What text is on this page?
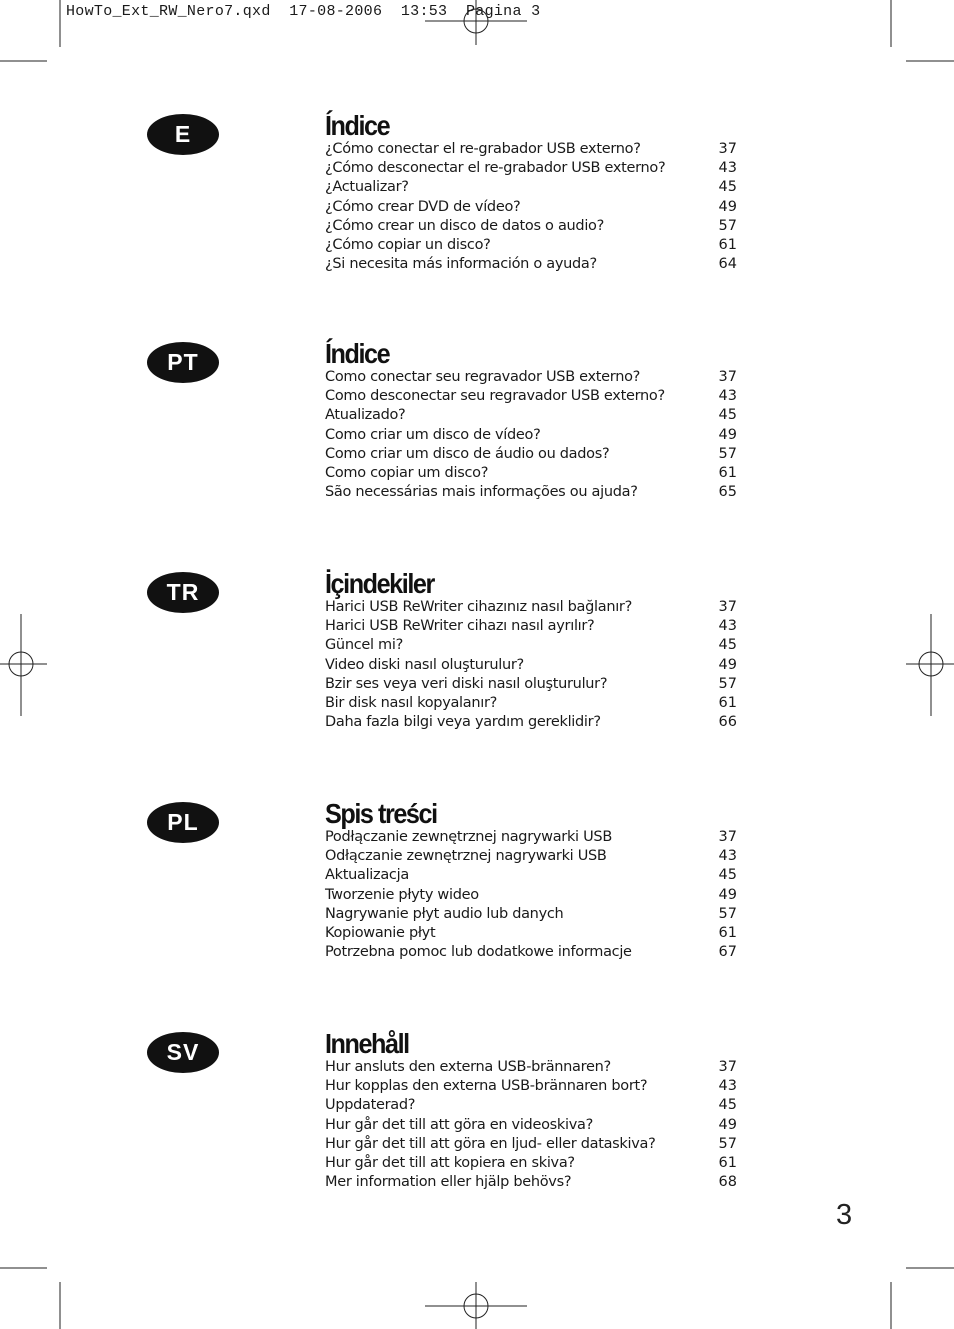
HowTo_Ext_RW_Nero7.qxd  17-08-2006  13:53  Pagina 3
E	Índice
¿Cómo conectar el re-grabador USB externo?	37
¿Cómo desconectar el re-grabador USB externo?	43
¿Actualizar?	45
¿Cómo crear DVD de vídeo?	49
¿Cómo crear un disco de datos o audio?	57
¿Cómo copiar un disco?	61
¿Si necesita más información o ayuda?	64
PT	Índice
Como conectar seu regravador USB externo?	37
Como desconectar seu regravador USB externo?	43
Atualizado?	45
Como criar um disco de vídeo?	49
Como criar um disco de áudio ou dados?	57
Como copiar um disco?	61
São necessárias mais informações ou ajuda?	65
TR	İçindekiler
Harici USB ReWriter cihazınız nasıl bağlanır?	37
Harici USB ReWriter cihazı nasıl ayrılır?	43
Güncel mi?	45
Video diski nasıl oluşturulur?	49
Bzir ses veya veri diski nasıl oluşturulur?	57
Bir disk nasıl kopyalanır?	61
Daha fazla bilgi veya yardım gereklidir?	66
PL	Spis treści
Podłączanie zewnętrznej nagrywarki USB	37
Odłączanie zewnętrznej nagrywarki USB	43
Aktualizacja	45
Tworzenie płyty wideo	49
Nagrywanie płyt audio lub danych	57
Kopiowanie płyt	61
Potrzebna pomoc lub dodatkowe informacje	67
SV	Innehåll
Hur ansluts den externa USB-brännaren?	37
Hur kopplas den externa USB-brännaren bort?	43
Uppdaterad?	45
Hur går det till att göra en videoskiva?	49
Hur går det till att göra en ljud- eller dataskiva?	57
Hur går det till att kopiera en skiva?	61
Mer information eller hjälp behövs?	68
3
